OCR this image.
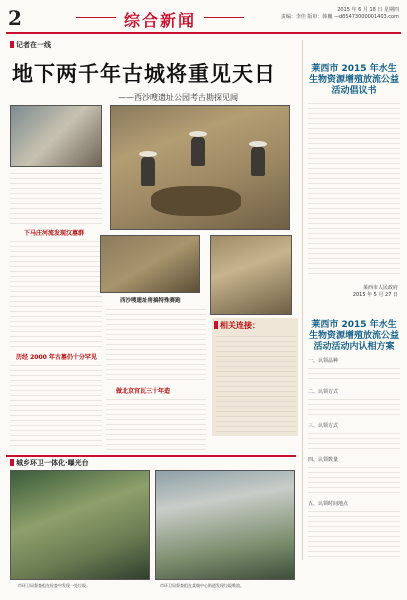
2	综合新闻
2015 年 6 月 18 日 星期四
责编：李佳 版审：韩巍 —d85473000001403.com
记者在一线
地下两千年古城将重见天日
——西沙嗖遗址公园考古勘探见闻
下马庄河流发现汉墓群
历经 2000 年古墓仍十分罕见
西沙嗖遗址将搞特殊赛跑
做北京官瓦三十年造
相关连接：
莱西市 2015 年水生生物资源增殖放流公益活动倡议书
莱西市人民政府
2015 年 5 月 27 日
莱西市 2015 年水生生物资源增殖放流公益活动活动内认相方案
一、认领品种
二、认领方式
三、认领方式
四、认领数量
五、认领时间地点
城乡环卫一体化·曝光台
市环卫局督查组在检查中发现一处垃圾。	市环卫局督查组在某镇中心街道发现垃圾堆放。
